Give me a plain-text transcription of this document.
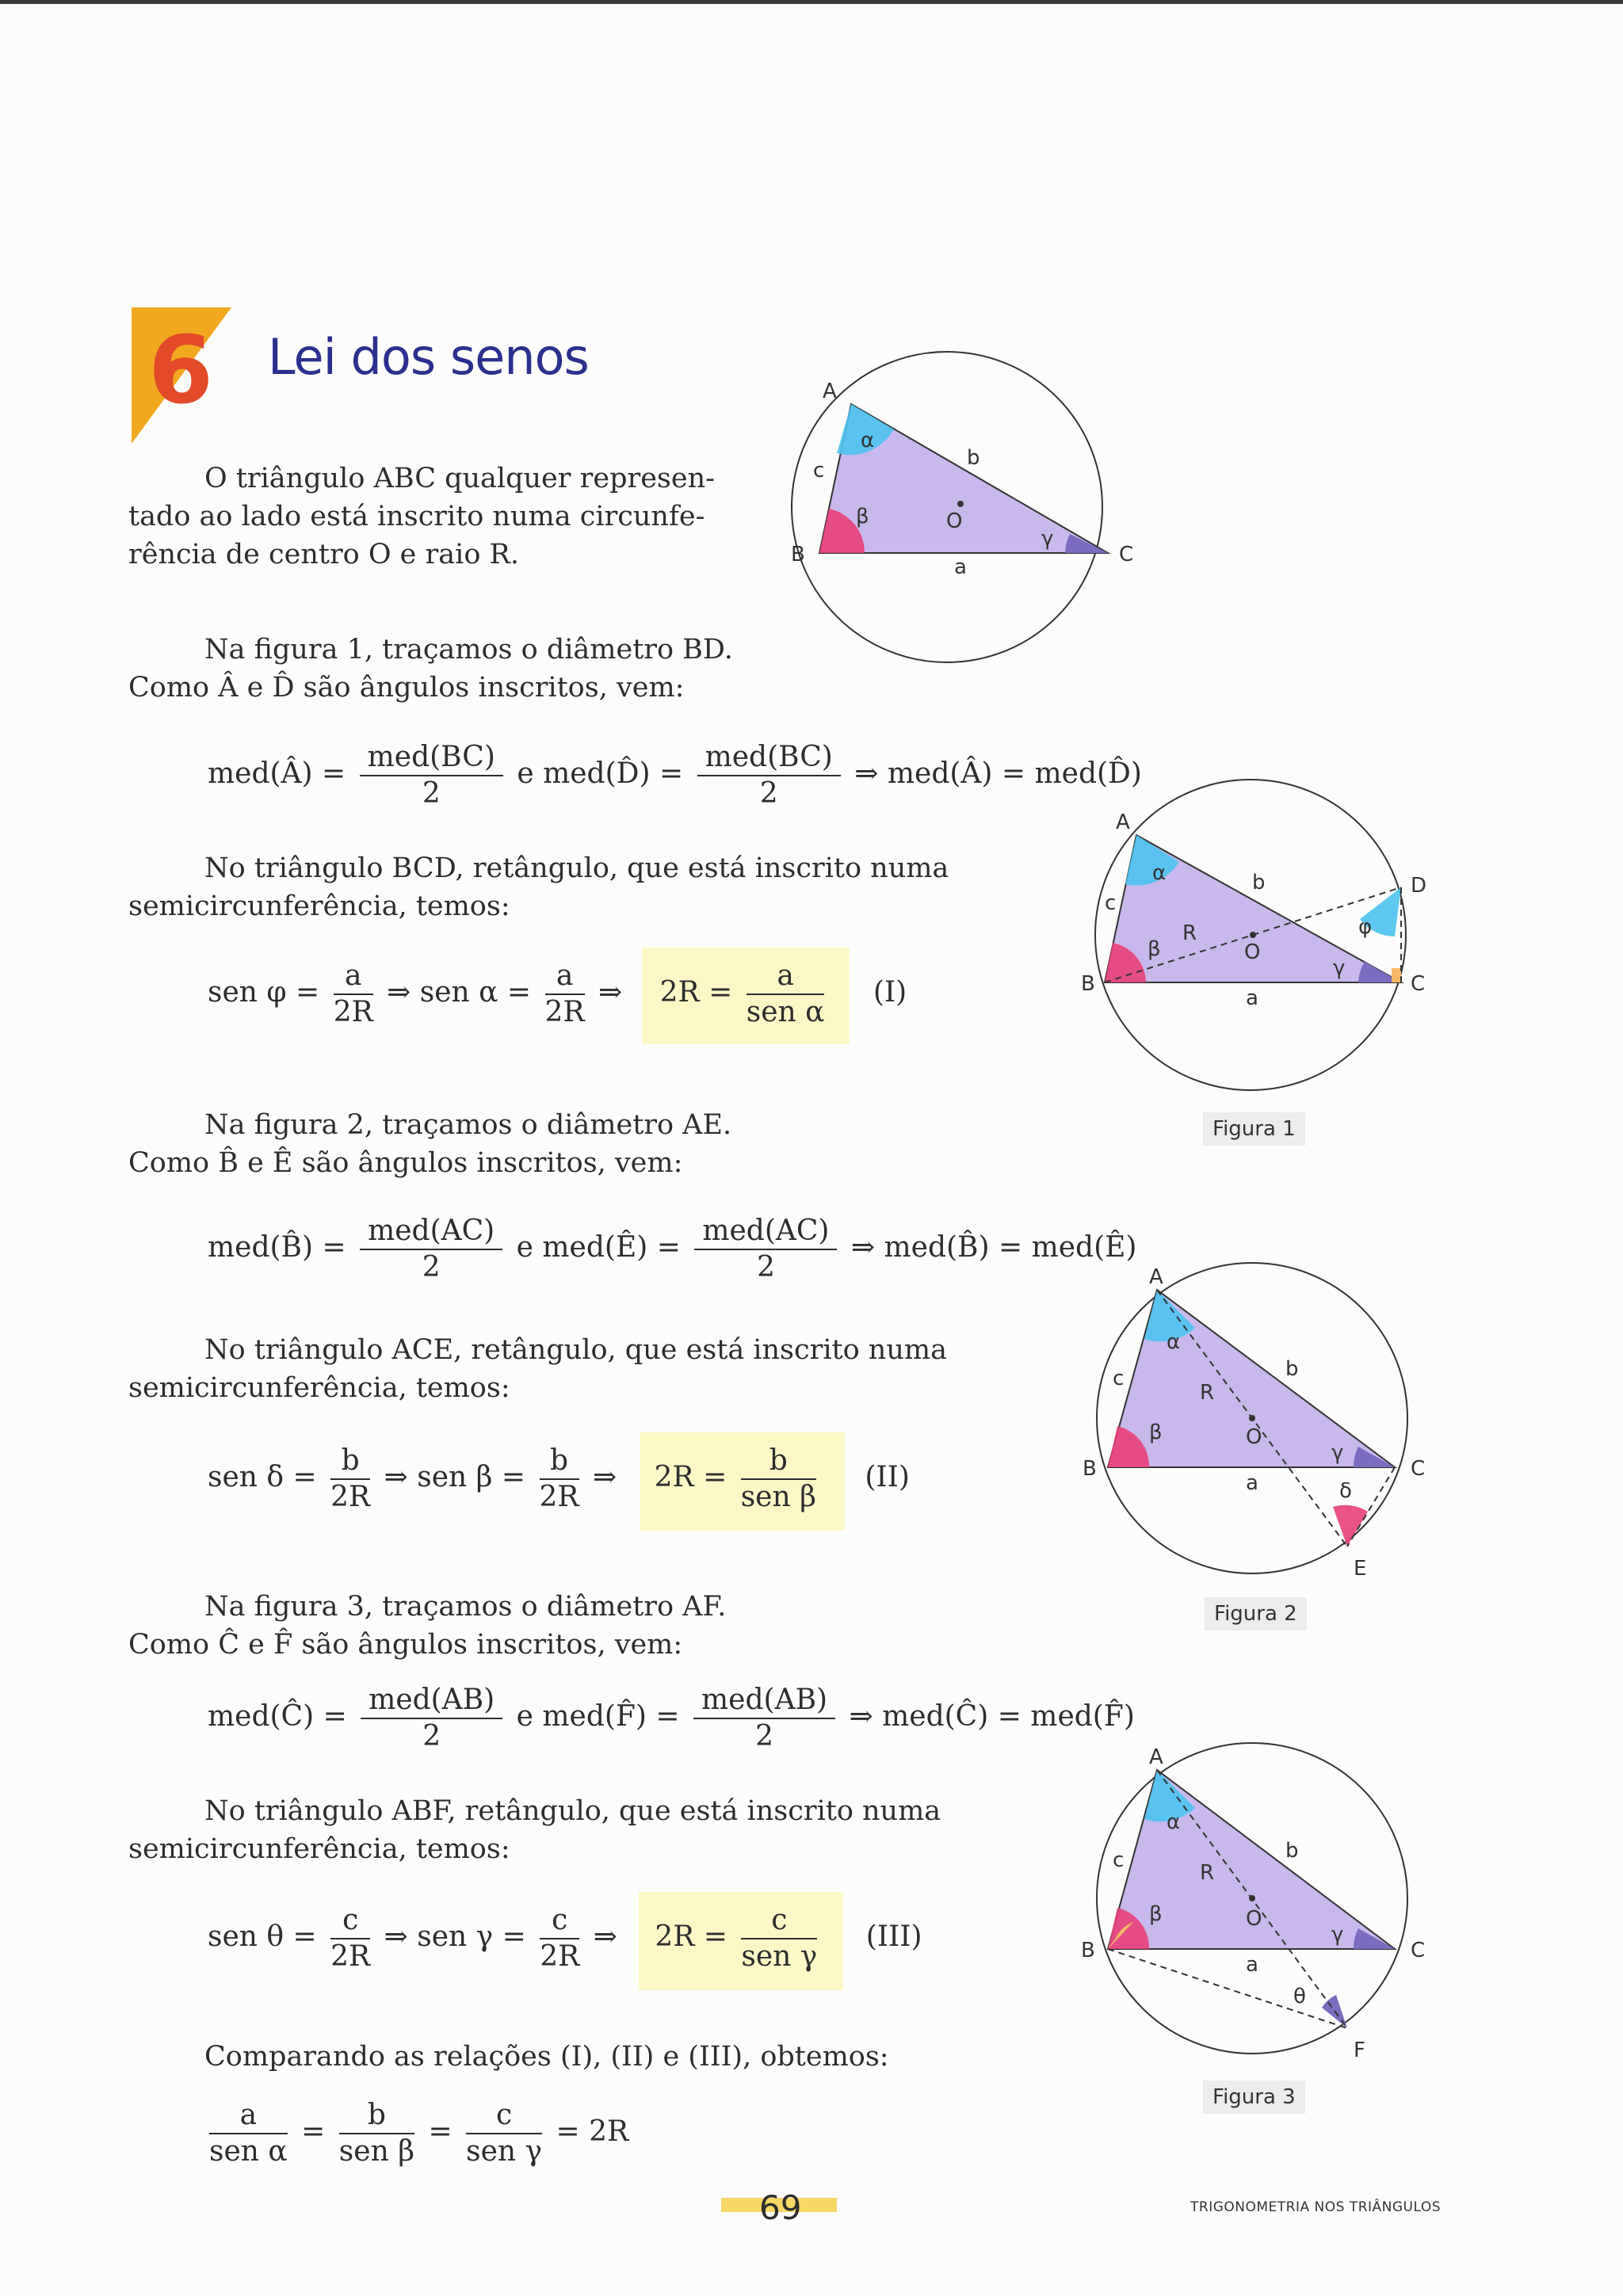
6 Lei dos senos
O triângulo ABC qualquer represen-
tado ao lado está inscrito numa circunfe-
rência de centro O e raio R.
A
B	C
O
a
b
c
α
β
γ
Na figura 1, traçamos o diâmetro BD.
Como Â e D̂ são ângulos inscritos, vem:
med(Â) = $\frac{\text{med(BC)}}{2}$ e med(D̂) = $\frac{\text{med(BC)}}{2}$ ⇒ med(Â) = med(D̂)
No triângulo BCD, retângulo, que está inscrito numa
semicircunferência, temos:
sen $\varphi = \frac{a}{2R}$ ⇒ sen $\alpha = \frac{a}{2R}$ ⇒ $2R = \frac{a}{\text{sen α}} (I)$
A
B	C
D
O
R
a
b
c
α
β
γ
φ
Figura 1
Na figura 2, traçamos o diâmetro AE.
Como B̂ e Ê são ângulos inscritos, vem:
med(B̂) = $\frac{\text{med(AC)}}{2}$ e med(Ê) = $\frac{\text{med(AC)}}{2}$ ⇒ med(B̂) = med(Ê)
No triângulo ACE, retângulo, que está inscrito numa
semicircunferência, temos:
sen $\delta = \frac{b}{2R}$ ⇒ sen $\beta = \frac{b}{2R}$ ⇒ $2R = \frac{b}{\text{sen β}} (II)$
A
B	C
E
O
R
a
b
c
α
β
γ
δ
Figura 2
Na figura 3, traçamos o diâmetro AF.
Como Ĉ e F̂ são ângulos inscritos, vem:
med(Ĉ) = $\frac{\text{med(AB)}}{2}$ e med(F̂) = $\frac{\text{med(AB)}}{2}$ ⇒ med(Ĉ) = med(F̂)
No triângulo ABF, retângulo, que está inscrito numa
semicircunferência, temos:
sen $\theta = \frac{c}{2R}$ ⇒ sen $\gamma = \frac{c}{2R}$ ⇒ $2R = \frac{c}{\text{sen γ}} (III)$
A
B	C
F
O
R
a
b
c
α
β
γ
θ
Figura 3
Comparando as relações (I), (II) e (III), obtemos:
$\frac{a}{\text{sen α}} = \frac{b}{\text{sen β}} = \frac{c}{\text{sen γ}} = 2R$
69	TRIGONOMETRIA NOS TRIÂNGULOS
